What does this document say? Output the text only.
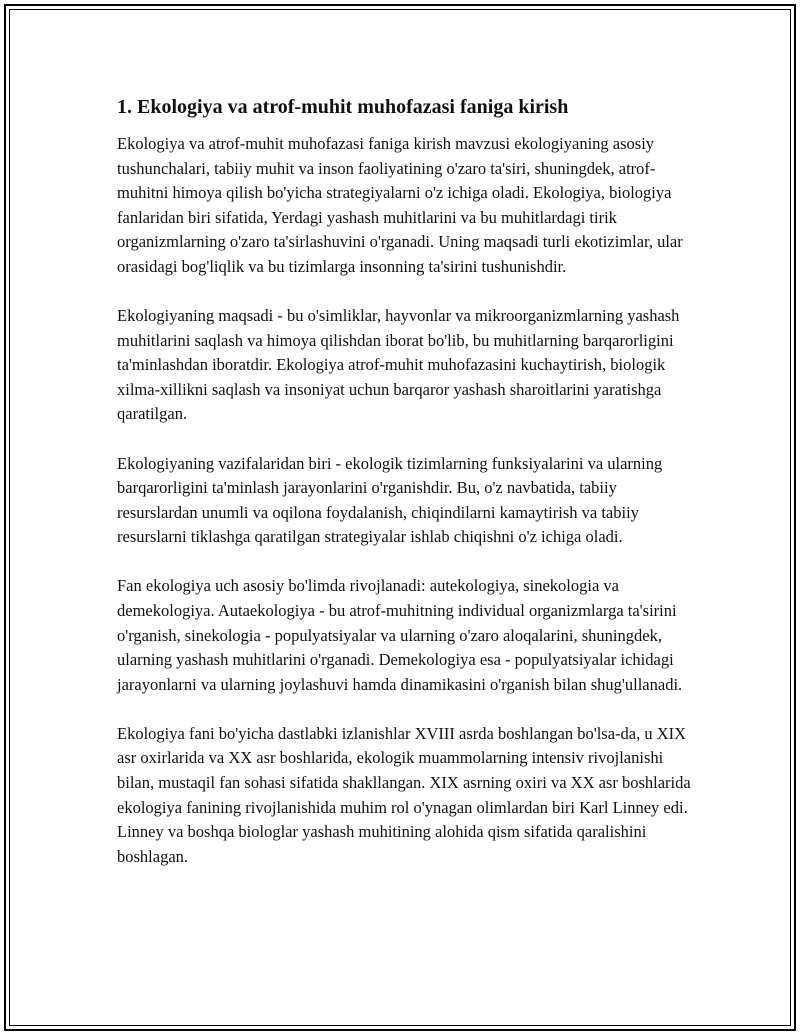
1. Ekologiya va atrof-muhit muhofazasi faniga kirish

Ekologiya va atrof-muhit muhofazasi faniga kirish mavzusi ekologiyaning asosiy tushunchalari, tabiiy muhit va inson faoliyatining o'zaro ta'siri, shuningdek, atrof-muhitni himoya qilish bo'yicha strategiyalarni o'z ichiga oladi. Ekologiya, biologiya fanlaridan biri sifatida, Yerdagi yashash muhitlarini va bu muhitlardagi tirik organizmlarning o'zaro ta'sirlashuvini o'rganadi. Uning maqsadi turli ekotizimlar, ular orasidagi bog'liqlik va bu tizimlarga insonning ta'sirini tushunishdir.

Ekologiyaning maqsadi - bu o'simliklar, hayvonlar va mikroorganizmlarning yashash muhitlarini saqlash va himoya qilishdan iborat bo'lib, bu muhitlarning barqarorligini ta'minlashdan iboratdir. Ekologiya atrof-muhit muhofazasini kuchaytirish, biologik xilma-xillikni saqlash va insoniyat uchun barqaror yashash sharoitlarini yaratishga qaratilgan.

Ekologiyaning vazifalaridan biri - ekologik tizimlarning funksiyalarini va ularning barqarorligini ta'minlash jarayonlarini o'rganishdir. Bu, o'z navbatida, tabiiy resurslardan unumli va oqilona foydalanish, chiqindilarni kamaytirish va tabiiy resurslarni tiklashga qaratilgan strategiyalar ishlab chiqishni o'z ichiga oladi.

Fan ekologiya uch asosiy bo'limda rivojlanadi: autekologiya, sinekologia va demekologiya. Autaekologiya - bu atrof-muhitning individual organizmlarga ta'sirini o'rganish, sinekologia - populyatsiyalar va ularning o'zaro aloqalarini, shuningdek, ularning yashash muhitlarini o'rganadi. Demekologiya esa - populyatsiyalar ichidagi jarayonlarni va ularning joylashuvi hamda dinamikasini o'rganish bilan shug'ullanadi.

Ekologiya fani bo'yicha dastlabki izlanishlar XVIII asrda boshlangan bo'lsa-da, u XIX asr oxirlarida va XX asr boshlarida, ekologik muammolarning intensiv rivojlanishi bilan, mustaqil fan sohasi sifatida shakllangan. XIX asrning oxiri va XX asr boshlarida ekologiya fanining rivojlanishida muhim rol o'ynagan olimlardan biri Karl Linney edi. Linney va boshqa biologlar yashash muhitining alohida qism sifatida qaralishini boshlagan.
